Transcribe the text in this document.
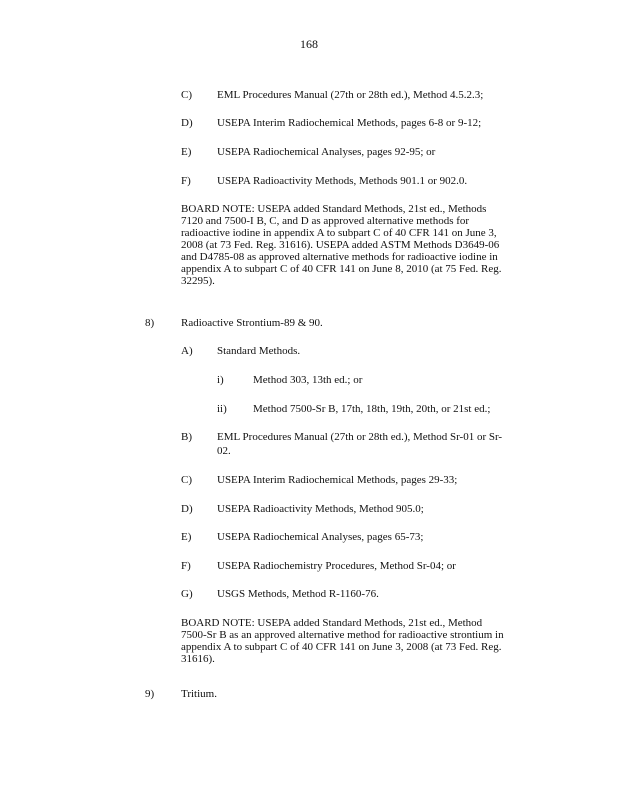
168
C)	EML Procedures Manual (27th or 28th ed.), Method 4.5.2.3;
D)	USEPA Interim Radiochemical Methods, pages 6-8 or 9-12;
E)	USEPA Radiochemical Analyses, pages 92-95; or
F)	USEPA Radioactivity Methods, Methods 901.1 or 902.0.
BOARD NOTE: USEPA added Standard Methods, 21st ed., Methods
7120 and 7500-I B, C, and D as approved alternative methods for
radioactive iodine in appendix A to subpart C of 40 CFR 141 on June 3,
2008 (at 73 Fed. Reg. 31616). USEPA added ASTM Methods D3649-06
and D4785-08 as approved alternative methods for radioactive iodine in
appendix A to subpart C of 40 CFR 141 on June 8, 2010 (at 75 Fed. Reg.
32295).
8)	Radioactive Strontium-89 & 90.
A)	Standard Methods.
i)	Method 303, 13th ed.; or
ii)	Method 7500-Sr B, 17th, 18th, 19th, 20th, or 21st ed.;
B)	EML Procedures Manual (27th or 28th ed.), Method Sr-01 or Sr-
02.
C)	USEPA Interim Radiochemical Methods, pages 29-33;
D)	USEPA Radioactivity Methods, Method 905.0;
E)	USEPA Radiochemical Analyses, pages 65-73;
F)	USEPA Radiochemistry Procedures, Method Sr-04; or
G)	USGS Methods, Method R-1160-76.
BOARD NOTE: USEPA added Standard Methods, 21st ed., Method
7500-Sr B as an approved alternative method for radioactive strontium in
appendix A to subpart C of 40 CFR 141 on June 3, 2008 (at 73 Fed. Reg.
31616).
9)	Tritium.
